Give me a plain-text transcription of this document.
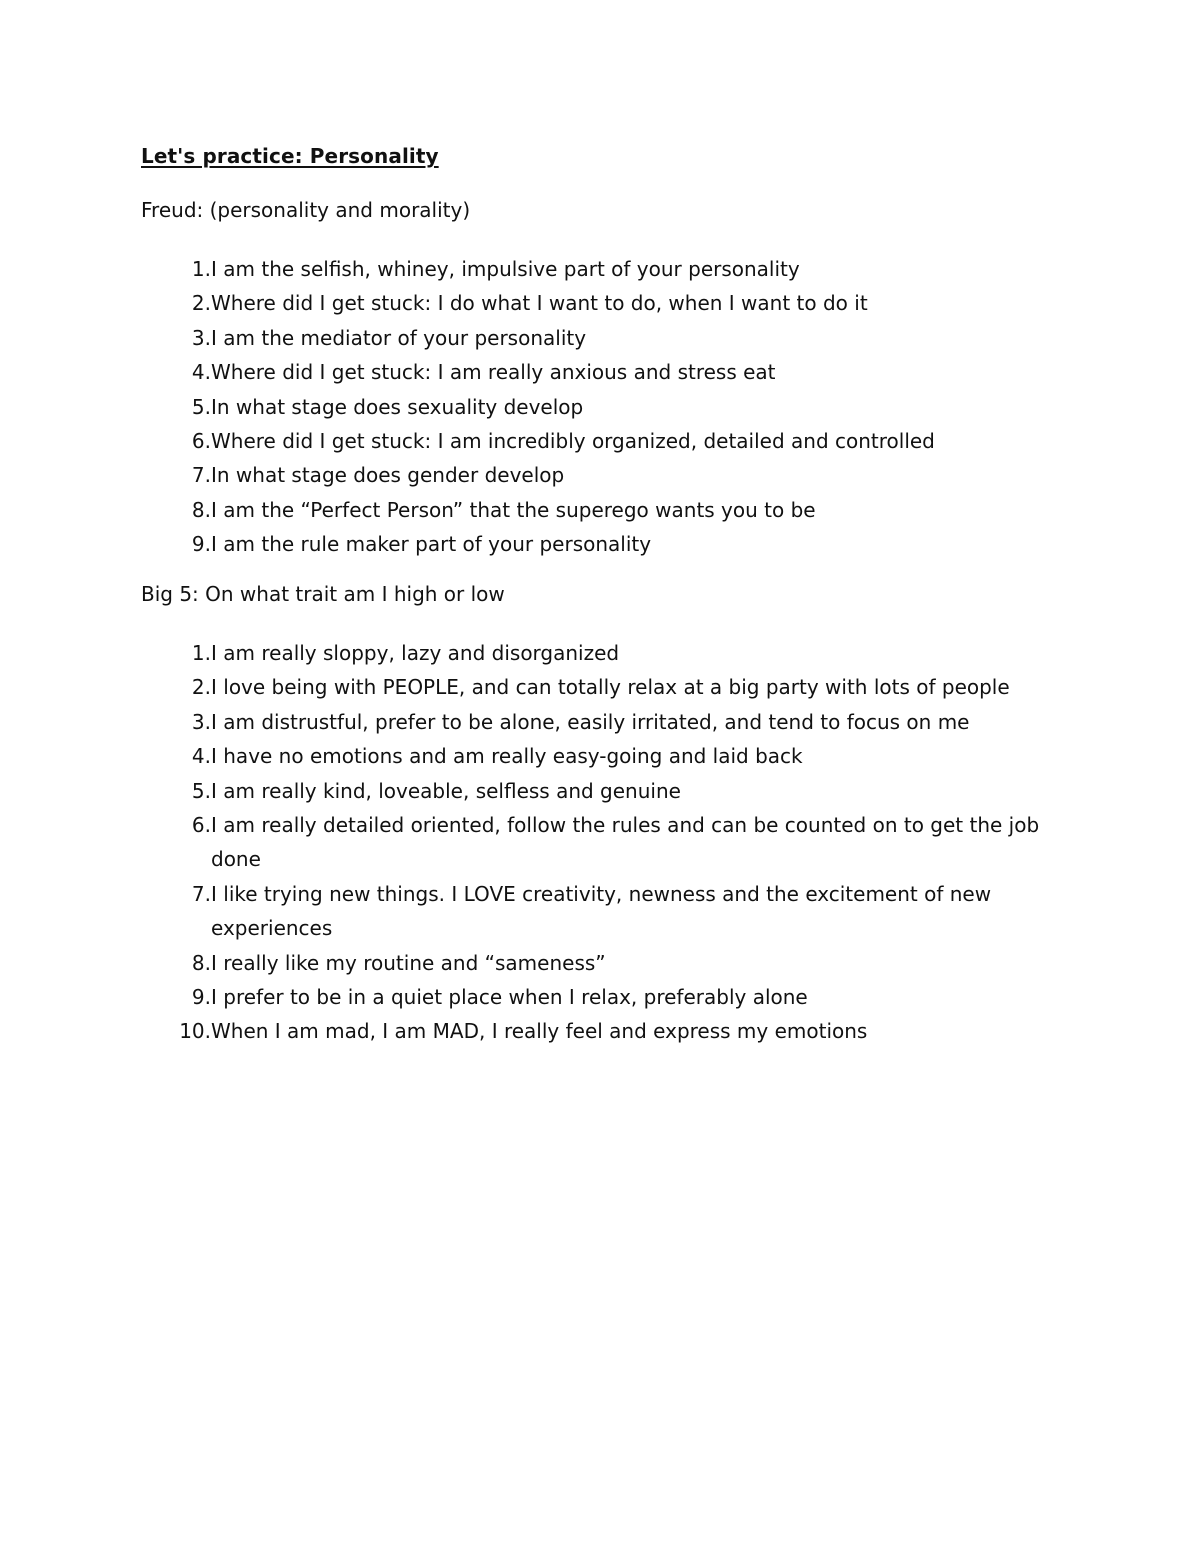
Let's practice: Personality
Freud: (personality and morality)
1. I am the selfish, whiney, impulsive part of your personality
2. Where did I get stuck: I do what I want to do, when I want to do it
3. I am the mediator of your personality
4. Where did I get stuck: I am really anxious and stress eat
5. In what stage does sexuality develop
6. Where did I get stuck: I am incredibly organized, detailed and controlled
7. In what stage does gender develop
8. I am the “Perfect Person” that the superego wants you to be
9. I am the rule maker part of your personality
Big 5: On what trait am I high or low
1. I am really sloppy, lazy and disorganized
2. I love being with PEOPLE, and can totally relax at a big party with lots of people
3. I am distrustful, prefer to be alone, easily irritated, and tend to focus on me
4. I have no emotions and am really easy-going and laid back
5. I am really kind, loveable, selfless and genuine
6. I am really detailed oriented, follow the rules and can be counted on to get the job done
7. I like trying new things. I LOVE creativity, newness and the excitement of new experiences
8. I really like my routine and “sameness”
9. I prefer to be in a quiet place when I relax, preferably alone
10. When I am mad, I am MAD, I really feel and express my emotions
